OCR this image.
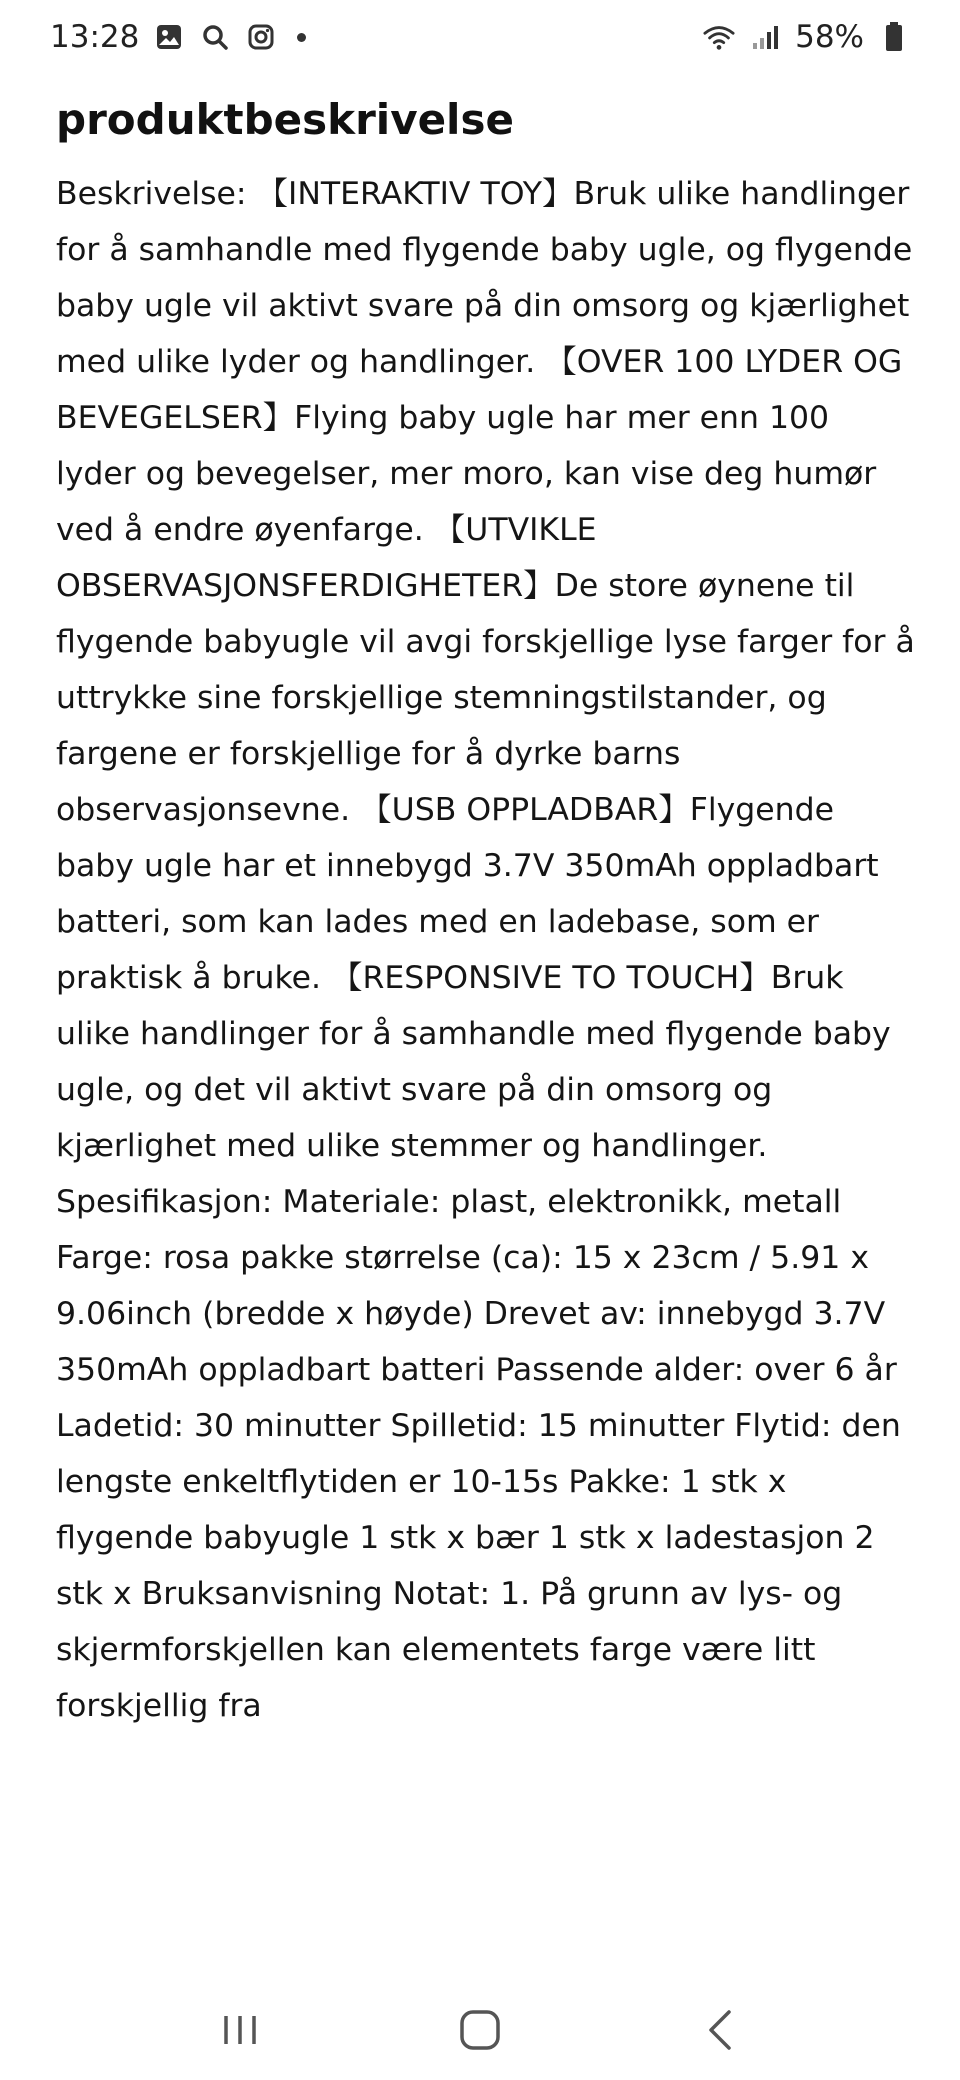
13:28	58%
produktbeskrivelse

Beskrivelse: 【INTERAKTIV TOY】Bruk ulike handlinger for å samhandle med flygende baby ugle, og flygende baby ugle vil aktivt svare på din omsorg og kjærlighet med ulike lyder og handlinger. 【OVER 100 LYDER OG BEVEGELSER】Flying baby ugle har mer enn 100 lyder og bevegelser, mer moro, kan vise deg humør ved å endre øyenfarge. 【UTVIKLE OBSERVASJONSFERDIGHETER】De store øynene til flygende babyugle vil avgi forskjellige lyse farger for å uttrykke sine forskjellige stemningstilstander, og fargene er forskjellige for å dyrke barns observasjonsevne. 【USB OPPLADBAR】Flygende baby ugle har et innebygd 3.7V 350mAh oppladbart batteri, som kan lades med en ladebase, som er praktisk å bruke. 【RESPONSIVE TO TOUCH】Bruk ulike handlinger for å samhandle med flygende baby ugle, og det vil aktivt svare på din omsorg og kjærlighet med ulike stemmer og handlinger. Spesifikasjon: Materiale: plast, elektronikk, metall Farge: rosa pakke størrelse (ca): 15 x 23cm / 5.91 x 9.06inch (bredde x høyde) Drevet av: innebygd 3.7V 350mAh oppladbart batteri Passende alder: over 6 år Ladetid: 30 minutter Spilletid: 15 minutter Flytid: den lengste enkeltflytiden er 10-15s Pakke: 1 stk x flygende babyugle 1 stk x bær 1 stk x ladestasjon 2 stk x Bruksanvisning Notat: 1. På grunn av lys- og skjermforskjellen kan elementets farge være litt forskjellig fra
